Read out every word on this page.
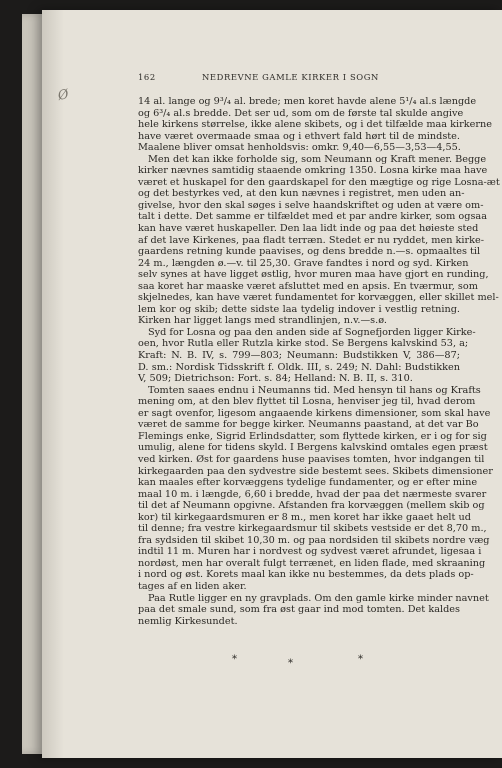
Ø
162	NEDREVNE GAMLE KIRKER I SOGN
14 al. lange og 9³/₄ al. brede; men koret havde alene 5¹/₄ al.s længde
og 6³/₄ al.s bredde. Det ser ud, som om de første tal skulde angive
hele kirkens størrelse, ikke alene skibets, og i det tilfælde maa kirkerne
have været overmaade smaa og i ethvert fald hørt til de mindste.
Maalene bliver omsat henholdsvis: omkr. 9,40—6,55—3,53—4,55.
Men det kan ikke forholde sig, som Neumann og Kraft mener. Begge
kirker nævnes samtidig staaende omkring 1350. Losna kirke maa have
været et huskapel for den gaardskapel for den mægtige og rige Losna-æt
og det bestyrkes ved, at den kun nævnes i registret, men uden an-
givelse, hvor den skal søges i selve haandskriftet og uden at være om-
talt i dette. Det samme er tilfældet med et par andre kirker, som ogsaa
kan have været huskapeller. Den laa lidt inde og paa det høieste sted
af det lave Kirkenes, paa fladt terræn. Stedet er nu ryddet, men kirke-
gaardens retning kunde paavises, og dens bredde n.—s. opmaaltes til
24 m., længden ø.—v. til 25,30. Grave fandtes i nord og syd. Kirken
selv synes at have ligget østlig, hvor muren maa have gjort en runding,
saa koret har maaske været afsluttet med en apsis. En tværmur, som
skjelnedes, kan have været fundamentet for korvæggen, eller skillet mel-
lem kor og skib; dette sidste laa tydelig indover i vestlig retning.
Kirken har ligget langs med strandlinjen, n.v.—s.ø.
Syd for Losna og paa den anden side af Sognefjorden ligger Kirke-
oen, hvor Rutla eller Rutzla kirke stod. Se Bergens kalvskind 53, a;
Kraft: N. B. IV, s. 799—803; Neumann: Budstikken V, 386—87;
D. sm.: Nordisk Tidsskrift f. Oldk. III, s. 249; N. Dahl: Budstikken
V, 509; Dietrichson: Fort. s. 84; Helland: N. B. II, s. 310.
Tomten saaes endnu i Neumanns tid. Med hensyn til hans og Krafts
mening om, at den blev flyttet til Losna, henviser jeg til, hvad derom
er sagt ovenfor, ligesom angaaende kirkens dimensioner, som skal have
været de samme for begge kirker. Neumanns paastand, at det var Bo
Flemings enke, Sigrid Erlindsdatter, som flyttede kirken, er i og for sig
umulig, alene for tidens skyld. I Bergens kalvskind omtales egen præst
ved kirken. Øst for gaardens huse paavises tomten, hvor indgangen til
kirkegaarden paa den sydvestre side bestemt sees. Skibets dimensioner
kan maales efter korvæggens tydelige fundamenter, og er efter mine
maal 10 m. i længde, 6,60 i bredde, hvad der paa det nærmeste svarer
til det af Neumann opgivne. Afstanden fra korvæggen (mellem skib og
kor) til kirkegaardsmuren er 8 m., men koret har ikke gaaet helt ud
til denne; fra vestre kirkegaardsmur til skibets vestside er det 8,70 m.,
fra sydsiden til skibet 10,30 m. og paa nordsiden til skibets nordre væg
indtil 11 m. Muren har i nordvest og sydvest været afrundet, ligesaa i
nordøst, men har overalt fulgt terrænet, en liden flade, med skraaning
i nord og øst. Korets maal kan ikke nu bestemmes, da dets plads op-
tages af en liden aker.
Paa Rutle ligger en ny gravplads. Om den gamle kirke minder navnet
paa det smale sund, som fra øst gaar ind mod tomten. Det kaldes
nemlig Kirkesundet.
*	*	*
